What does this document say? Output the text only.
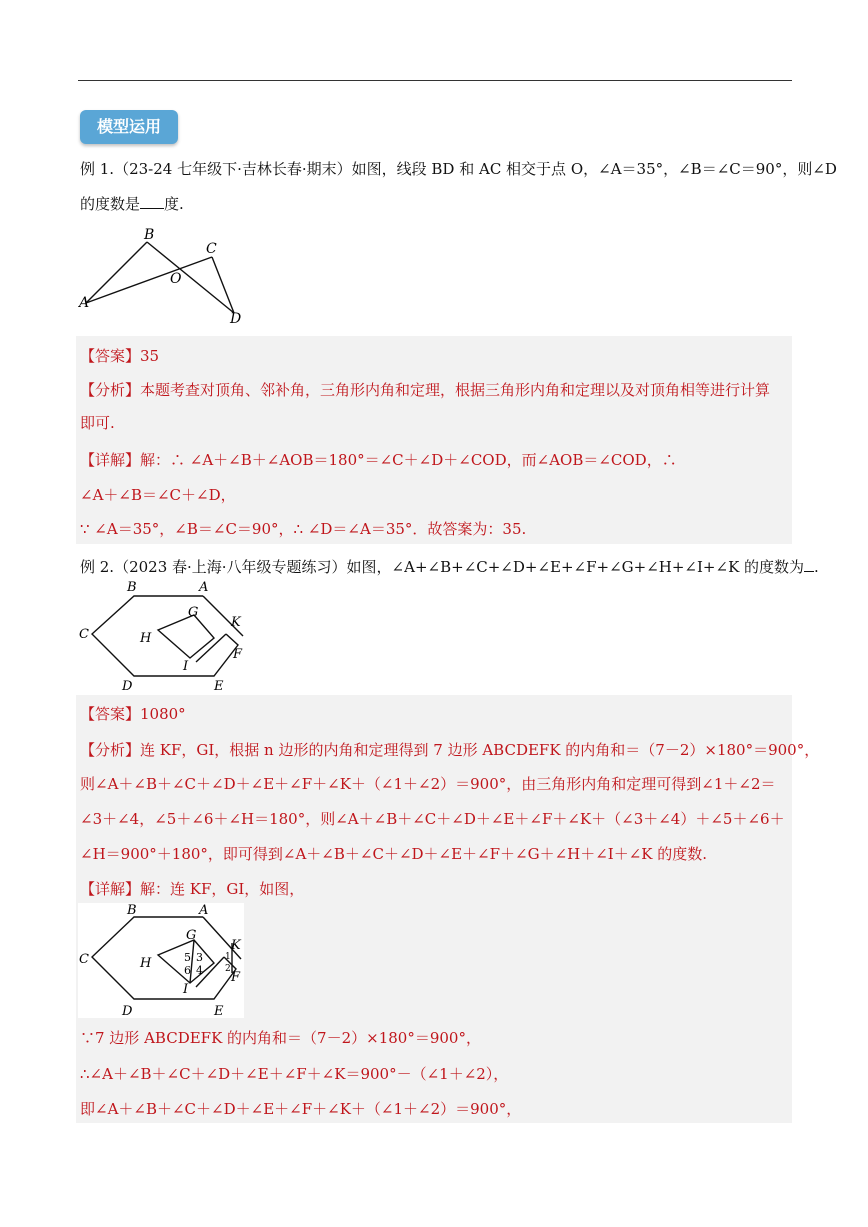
模型运用
例 1.（23-24 七年级下·吉林长春·期末）如图，线段 BD 和 AC 相交于点 O，∠A＝35°，∠B＝∠C＝90°，则∠D
的度数是 度.
B
C
O
A
D
【答案】35
【分析】本题考查对顶角、邻补角，三角形内角和定理，根据三角形内角和定理以及对顶角相等进行计算
即可.
【详解】解：∴ ∠A＋∠B＋∠AOB＝180°＝∠C＋∠D＋∠COD，而∠AOB＝∠COD，∴
∠A＋∠B＝∠C＋∠D，
∵ ∠A＝35°，∠B＝∠C＝90°，∴ ∠D＝∠A＝35°．故答案为：35.
例 2.（2023 春·上海·八年级专题练习）如图，∠A+∠B+∠C+∠D+∠E+∠F+∠G+∠H+∠I+∠K 的度数为 .
B	A
C
G
H
K
F
I
D	E
【答案】1080°
【分析】连 KF，GI，根据 n 边形的内角和定理得到 7 边形 ABCDEFK 的内角和＝（7－2）×180°＝900°，
则∠A＋∠B＋∠C＋∠D＋∠E＋∠F＋∠K＋（∠1＋∠2）＝900°，由三角形内角和定理可得到∠1＋∠2＝
∠3＋∠4，∠5＋∠6＋∠H＝180°，则∠A＋∠B＋∠C＋∠D＋∠E＋∠F＋∠K＋（∠3＋∠4）＋∠5＋∠6＋
∠H＝900°＋180°，即可得到∠A＋∠B＋∠C＋∠D＋∠E＋∠F＋∠G＋∠H＋∠I＋∠K 的度数.
【详解】解：连 KF，GI，如图，
B	A
C
G
H
K
F
I
D	E
5 3
6 4
1
2
∵7 边形 ABCDEFK 的内角和＝（7－2）×180°＝900°，
∴∠A＋∠B＋∠C＋∠D＋∠E＋∠F＋∠K＝900°－（∠1＋∠2），
即∠A＋∠B＋∠C＋∠D＋∠E＋∠F＋∠K＋（∠1＋∠2）＝900°，
